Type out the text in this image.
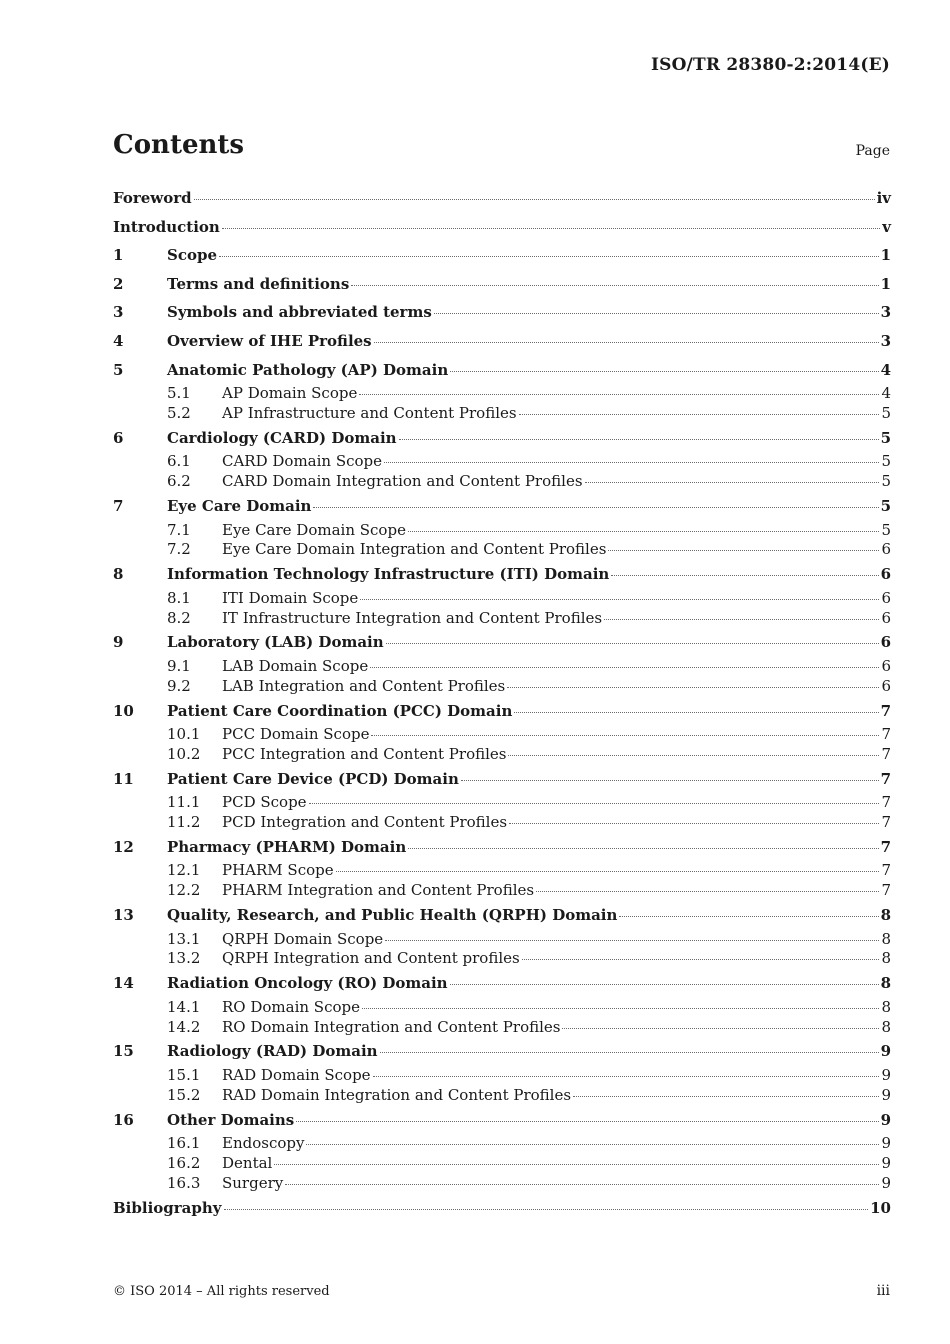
ISO/TR 28380-2:2014(E)
Contents	Page
Foreword	iv
Introduction	v
1	Scope	1
2	Terms and definitions	1
3	Symbols and abbreviated terms	3
4	Overview of IHE Profiles	3
5	Anatomic Pathology (AP) Domain	4
5.1	AP Domain Scope	4
5.2	AP Infrastructure and Content Profiles	5
6	Cardiology (CARD) Domain	5
6.1	CARD Domain Scope	5
6.2	CARD Domain Integration and Content Profiles	5
7	Eye Care Domain	5
7.1	Eye Care Domain Scope	5
7.2	Eye Care Domain Integration and Content Profiles	6
8	Information Technology Infrastructure (ITI) Domain	6
8.1	ITI Domain Scope	6
8.2	IT Infrastructure Integration and Content Profiles	6
9	Laboratory (LAB) Domain	6
9.1	LAB Domain Scope	6
9.2	LAB Integration and Content Profiles	6
10	Patient Care Coordination (PCC) Domain	7
10.1	PCC Domain Scope	7
10.2	PCC Integration and Content Profiles	7
11	Patient Care Device (PCD) Domain	7
11.1	PCD Scope	7
11.2	PCD Integration and Content Profiles	7
12	Pharmacy (PHARM) Domain	7
12.1	PHARM Scope	7
12.2	PHARM Integration and Content Profiles	7
13	Quality, Research, and Public Health (QRPH) Domain	8
13.1	QRPH Domain Scope	8
13.2	QRPH Integration and Content profiles	8
14	Radiation Oncology (RO) Domain	8
14.1	RO Domain Scope	8
14.2	RO Domain Integration and Content Profiles	8
15	Radiology (RAD) Domain	9
15.1	RAD Domain Scope	9
15.2	RAD Domain Integration and Content Profiles	9
16	Other Domains	9
16.1	Endoscopy	9
16.2	Dental	9
16.3	Surgery	9
Bibliography	10
© ISO 2014 – All rights reserved	iii
